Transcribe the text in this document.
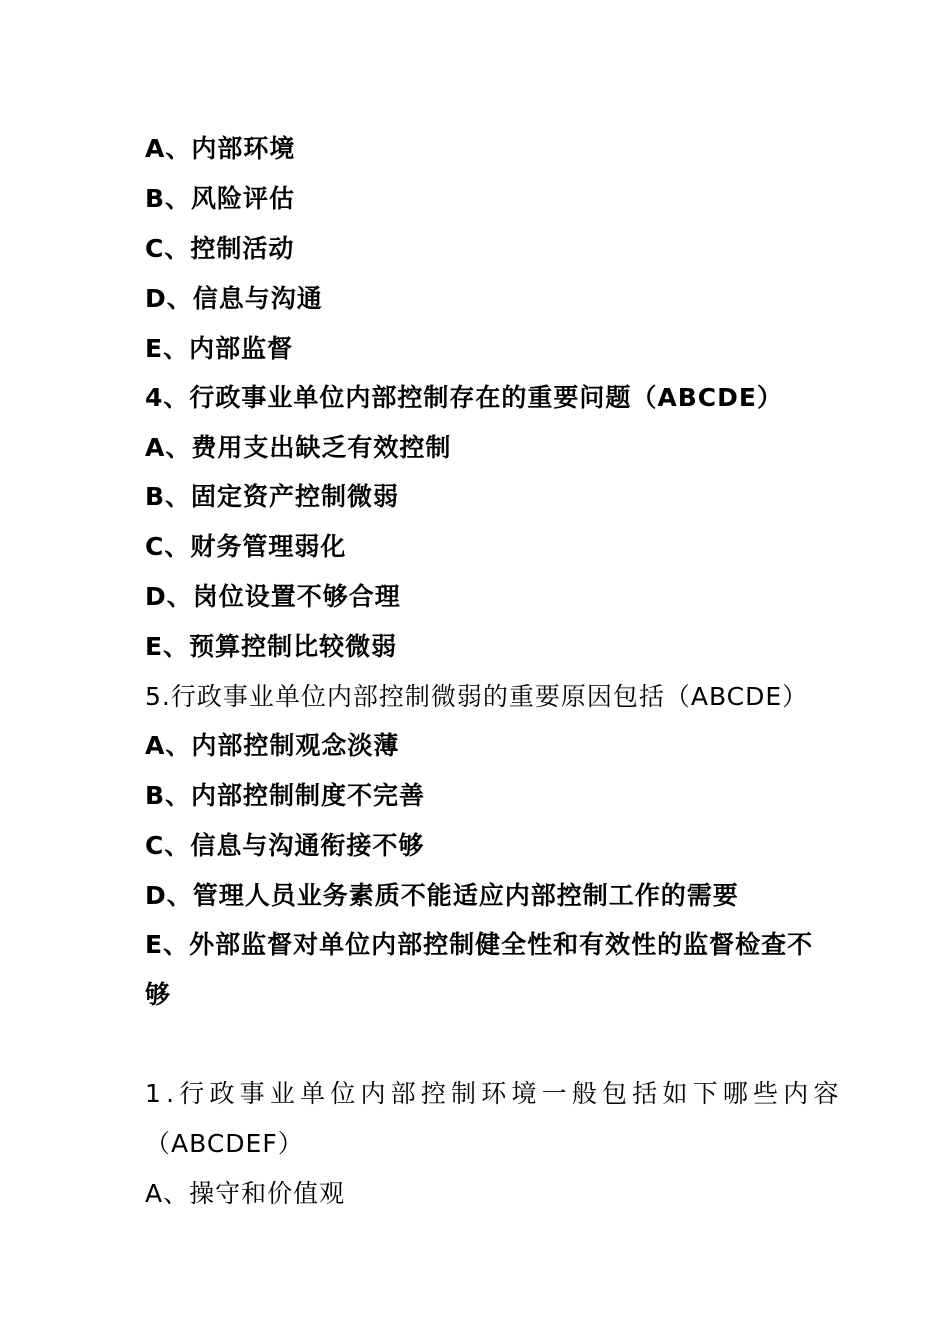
A、内部环境
B、风险评估
C、控制活动
D、信息与沟通
E、内部监督
4、行政事业单位内部控制存在的重要问题（ABCDE）
A、费用支出缺乏有效控制
B、固定资产控制微弱
C、财务管理弱化
D、岗位设置不够合理
E、预算控制比较微弱
5.行政事业单位内部控制微弱的重要原因包括（ABCDE）
A、内部控制观念淡薄
B、内部控制制度不完善
C、信息与沟通衔接不够
D、管理人员业务素质不能适应内部控制工作的需要
E、外部监督对单位内部控制健全性和有效性的监督检查不
够
1.行政事业单位内部控制环境一般包括如下哪些内容
（ABCDEF）
A、操守和价值观
